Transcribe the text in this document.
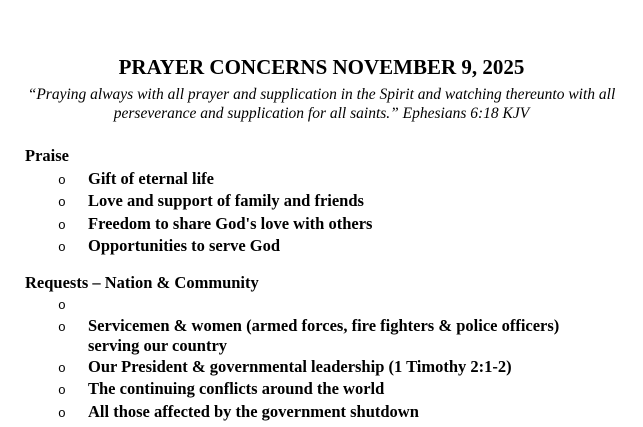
PRAYER CONCERNS NOVEMBER 9, 2025

“Praying always with all prayer and supplication in the Spirit and watching thereunto with all perseverance and supplication for all saints.” Ephesians 6:18 KJV

Praise
o	Gift of eternal life
o	Love and support of family and friends
o	Freedom to share God's love with others
o	Opportunities to serve God
Requests – Nation & Community
o
o	Servicemen & women (armed forces, fire fighters & police officers) serving our country
o	Our President & governmental leadership (1 Timothy 2:1-2)
o	The continuing conflicts around the world
o	All those affected by the government shutdown
